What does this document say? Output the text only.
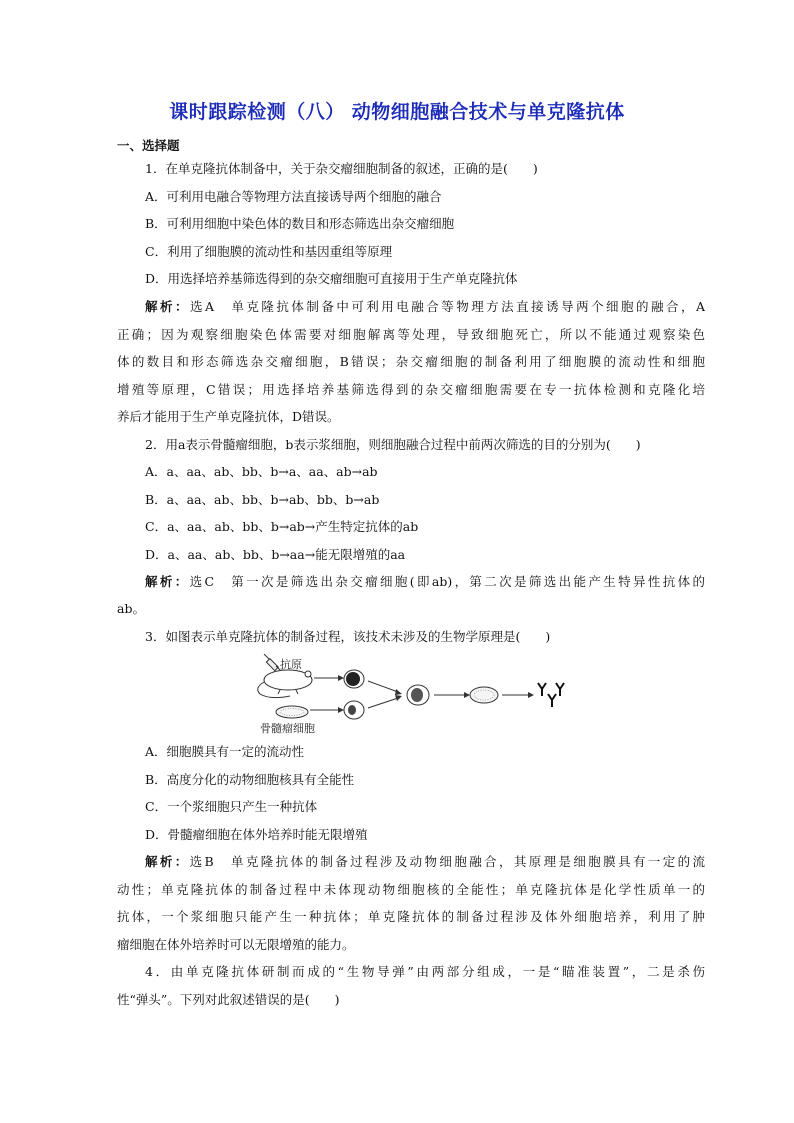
课时跟踪检测（八） 动物细胞融合技术与单克隆抗体
一、选择题
1．在单克隆抗体制备中，关于杂交瘤细胞制备的叙述，正确的是(　　)
A．可利用电融合等物理方法直接诱导两个细胞的融合
B．可利用细胞中染色体的数目和形态筛选出杂交瘤细胞
C．利用了细胞膜的流动性和基因重组等原理
D．用选择培养基筛选得到的杂交瘤细胞可直接用于生产单克隆抗体
解析：选A　单克隆抗体制备中可利用电融合等物理方法直接诱导两个细胞的融合，A
正确；因为观察细胞染色体需要对细胞解离等处理，导致细胞死亡，所以不能通过观察染色
体的数目和形态筛选杂交瘤细胞，B错误；杂交瘤细胞的制备利用了细胞膜的流动性和细胞
增殖等原理，C错误；用选择培养基筛选得到的杂交瘤细胞需要在专一抗体检测和克隆化培
养后才能用于生产单克隆抗体，D错误。
2．用a表示骨髓瘤细胞，b表示浆细胞，则细胞融合过程中前两次筛选的目的分别为(　　)
A．a、aa、ab、bb、b→a、aa、ab→ab
B．a、aa、ab、bb、b→ab、bb、b→ab
C．a、aa、ab、bb、b→ab→产生特定抗体的ab
D．a、aa、ab、bb、b→aa→能无限增殖的aa
解析：选C　第一次是筛选出杂交瘤细胞(即ab)，第二次是筛选出能产生特异性抗体的
ab。
3．如图表示单克隆抗体的制备过程，该技术未涉及的生物学原理是(　　)
抗原
骨髓瘤细胞
A．细胞膜具有一定的流动性
B．高度分化的动物细胞核具有全能性
C．一个浆细胞只产生一种抗体
D．骨髓瘤细胞在体外培养时能无限增殖
解析：选B　单克隆抗体的制备过程涉及动物细胞融合，其原理是细胞膜具有一定的流
动性；单克隆抗体的制备过程中未体现动物细胞核的全能性；单克隆抗体是化学性质单一的
抗体，一个浆细胞只能产生一种抗体；单克隆抗体的制备过程涉及体外细胞培养，利用了肿
瘤细胞在体外培养时可以无限增殖的能力。
4．由单克隆抗体研制而成的“生物导弹”由两部分组成，一是“瞄准装置”，二是杀伤
性“弹头”。下列对此叙述错误的是(　　)
